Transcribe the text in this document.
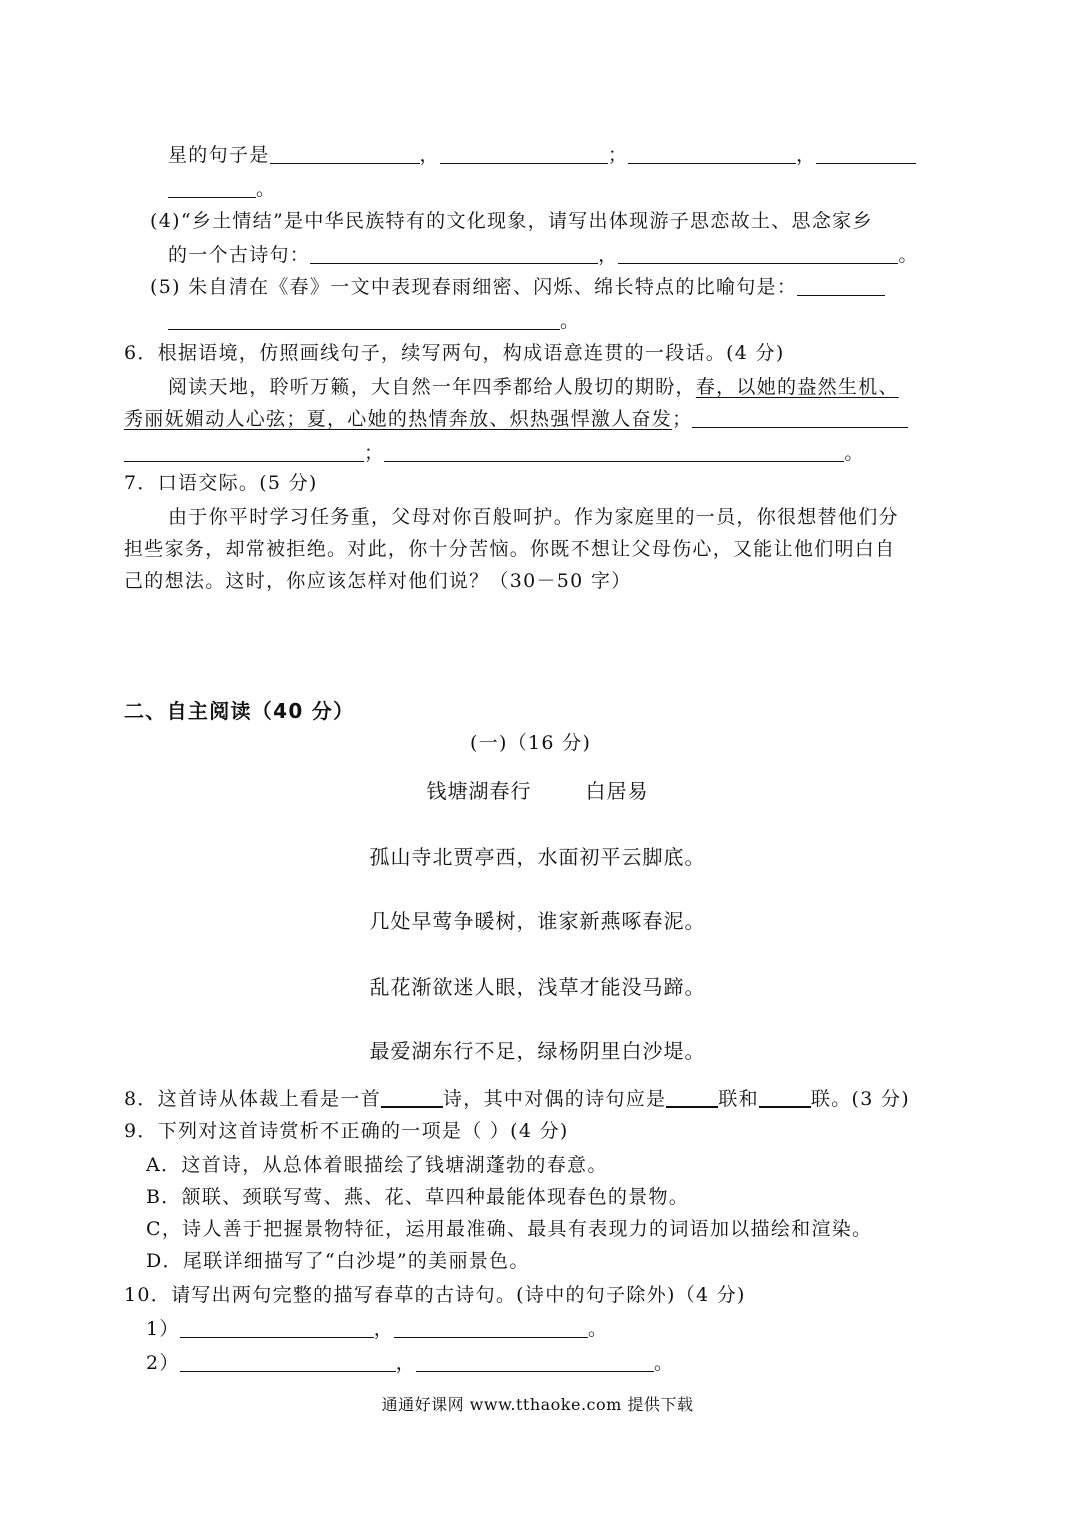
星的句子是	，	；	，
。
(4)“乡土情结”是中华民族特有的文化现象，请写出体现游子思恋故土、思念家乡
的一个古诗句：	，	。
(5) 朱自清在《春》一文中表现春雨细密、闪烁、绵长特点的比喻句是：
。
6．根据语境，仿照画线句子，续写两句，构成语意连贯的一段话。(4 分)
阅读天地，聆听万籁，大自然一年四季都给人殷切的期盼，春，以她的盎然生机、
秀丽妩媚动人心弦；夏，心她的热情奔放、炽热强悍激人奋发；
；	。
7．口语交际。(5 分)
由于你平时学习任务重，父母对你百般呵护。作为家庭里的一员，你很想替他们分
担些家务，却常被拒绝。对此，你十分苦恼。你既不想让父母伤心，又能让他们明白自
己的想法。这时，你应该怎样对他们说？（30－50 字）
二、自主阅读（40 分）
(一)（16 分)
钱塘湖春行	白居易
孤山寺北贾亭西，水面初平云脚底。
几处早莺争暖树，谁家新燕啄春泥。
乱花渐欲迷人眼，浅草才能没马蹄。
最爱湖东行不足，绿杨阴里白沙堤。
8．这首诗从体裁上看是一首	诗，其中对偶的诗句应是	联和	联。(3 分)
9．下列对这首诗赏析不正确的一项是（ ）(4 分)
A．这首诗，从总体着眼描绘了钱塘湖蓬勃的春意。
B．颔联、颈联写莺、燕、花、草四种最能体现春色的景物。
C，诗人善于把握景物特征，运用最准确、最具有表现力的词语加以描绘和渲染。
D．尾联详细描写了“白沙堤”的美丽景色。
10．请写出两句完整的描写春草的古诗句。(诗中的句子除外)（4 分)
1）	，	。
2）	，	。
通通好课网 www.tthaoke.com 提供下载
